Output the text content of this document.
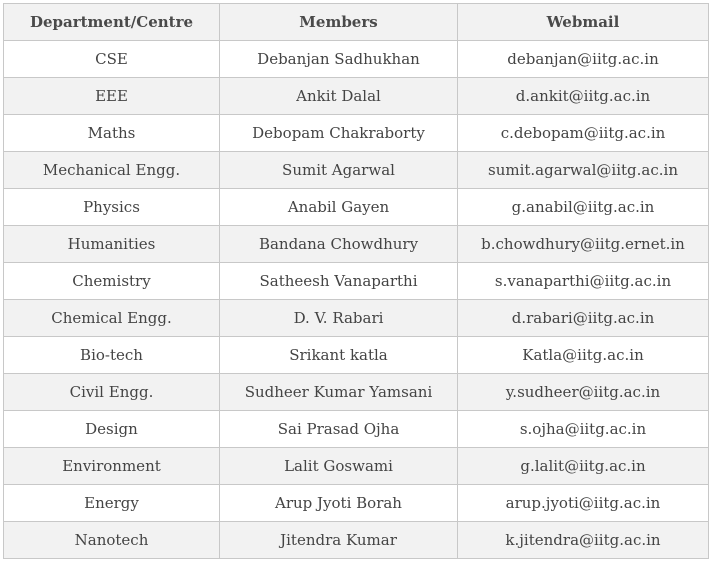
Department/Centre	Members	Webmail
CSE	Debanjan Sadhukhan	debanjan@iitg.ac.in
EEE	Ankit Dalal	d.ankit@iitg.ac.in
Maths	Debopam Chakraborty	c.debopam@iitg.ac.in
Mechanical Engg.	Sumit Agarwal	sumit.agarwal@iitg.ac.in
Physics	Anabil Gayen	g.anabil@iitg.ac.in
Humanities	Bandana Chowdhury	b.chowdhury@iitg.ernet.in
Chemistry	Satheesh Vanaparthi	s.vanaparthi@iitg.ac.in
Chemical Engg.	D. V. Rabari	d.rabari@iitg.ac.in
Bio-tech	Srikant katla	Katla@iitg.ac.in
Civil Engg.	Sudheer Kumar Yamsani	y.sudheer@iitg.ac.in
Design	Sai Prasad Ojha	s.ojha@iitg.ac.in
Environment	Lalit Goswami	g.lalit@iitg.ac.in
Energy	Arup Jyoti Borah	arup.jyoti@iitg.ac.in
Nanotech	Jitendra Kumar	k.jitendra@iitg.ac.in
